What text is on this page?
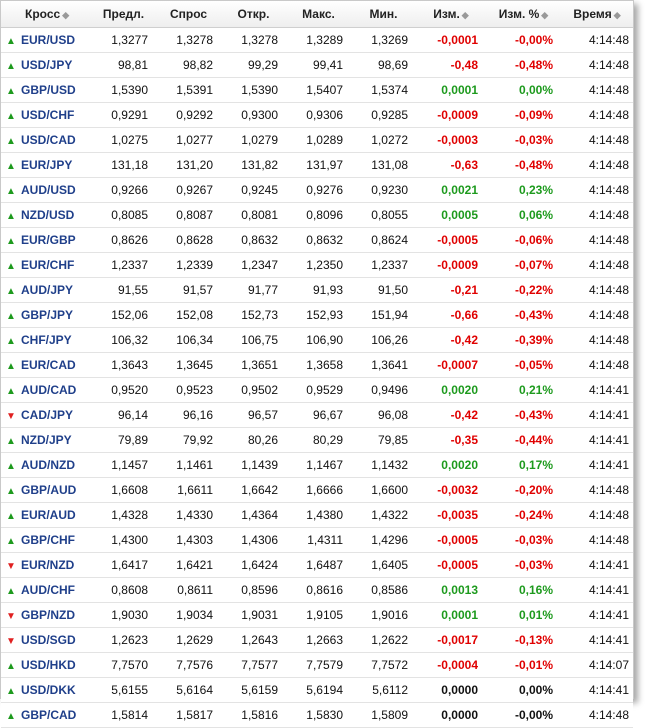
	Кросс ◆	Предл.	Спрос	Откр.	Макс.	Мин.	Изм. ◆	Изм. % ◆	Время ◆
▲	EUR/USD	1,3277	1,3278	1,3278	1,3289	1,3269	-0,0001	-0,00%	4:14:48
▲	USD/JPY	98,81	98,82	99,29	99,41	98,69	-0,48	-0,48%	4:14:48
▲	GBP/USD	1,5390	1,5391	1,5390	1,5407	1,5374	0,0001	0,00%	4:14:48
▲	USD/CHF	0,9291	0,9292	0,9300	0,9306	0,9285	-0,0009	-0,09%	4:14:48
▲	USD/CAD	1,0275	1,0277	1,0279	1,0289	1,0272	-0,0003	-0,03%	4:14:48
▲	EUR/JPY	131,18	131,20	131,82	131,97	131,08	-0,63	-0,48%	4:14:48
▲	AUD/USD	0,9266	0,9267	0,9245	0,9276	0,9230	0,0021	0,23%	4:14:48
▲	NZD/USD	0,8085	0,8087	0,8081	0,8096	0,8055	0,0005	0,06%	4:14:48
▲	EUR/GBP	0,8626	0,8628	0,8632	0,8632	0,8624	-0,0005	-0,06%	4:14:48
▲	EUR/CHF	1,2337	1,2339	1,2347	1,2350	1,2337	-0,0009	-0,07%	4:14:48
▲	AUD/JPY	91,55	91,57	91,77	91,93	91,50	-0,21	-0,22%	4:14:48
▲	GBP/JPY	152,06	152,08	152,73	152,93	151,94	-0,66	-0,43%	4:14:48
▲	CHF/JPY	106,32	106,34	106,75	106,90	106,26	-0,42	-0,39%	4:14:48
▲	EUR/CAD	1,3643	1,3645	1,3651	1,3658	1,3641	-0,0007	-0,05%	4:14:48
▲	AUD/CAD	0,9520	0,9523	0,9502	0,9529	0,9496	0,0020	0,21%	4:14:41
▼	CAD/JPY	96,14	96,16	96,57	96,67	96,08	-0,42	-0,43%	4:14:41
▲	NZD/JPY	79,89	79,92	80,26	80,29	79,85	-0,35	-0,44%	4:14:41
▲	AUD/NZD	1,1457	1,1461	1,1439	1,1467	1,1432	0,0020	0,17%	4:14:41
▲	GBP/AUD	1,6608	1,6611	1,6642	1,6666	1,6600	-0,0032	-0,20%	4:14:48
▲	EUR/AUD	1,4328	1,4330	1,4364	1,4380	1,4322	-0,0035	-0,24%	4:14:48
▲	GBP/CHF	1,4300	1,4303	1,4306	1,4311	1,4296	-0,0005	-0,03%	4:14:48
▼	EUR/NZD	1,6417	1,6421	1,6424	1,6487	1,6405	-0,0005	-0,03%	4:14:41
▲	AUD/CHF	0,8608	0,8611	0,8596	0,8616	0,8586	0,0013	0,16%	4:14:41
▼	GBP/NZD	1,9030	1,9034	1,9031	1,9105	1,9016	0,0001	0,01%	4:14:41
▼	USD/SGD	1,2623	1,2629	1,2643	1,2663	1,2622	-0,0017	-0,13%	4:14:41
▲	USD/HKD	7,7570	7,7576	7,7577	7,7579	7,7572	-0,0004	-0,01%	4:14:07
▲	USD/DKK	5,6155	5,6164	5,6159	5,6194	5,6112	0,0000	0,00%	4:14:41
▲	GBP/CAD	1,5814	1,5817	1,5816	1,5830	1,5809	0,0000	-0,00%	4:14:48
